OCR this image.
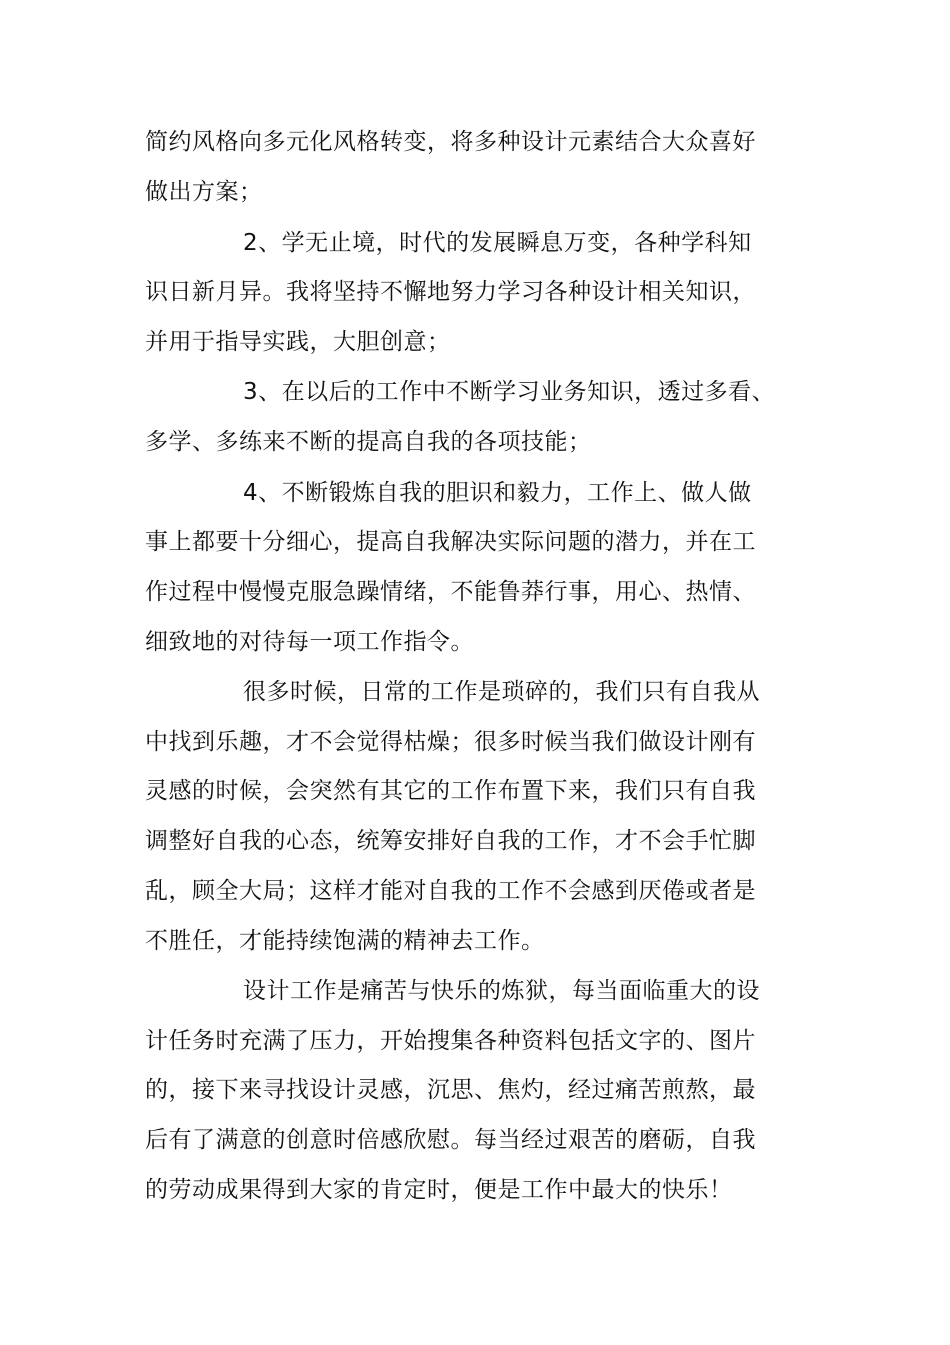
简约风格向多元化风格转变，将多种设计元素结合大众喜好
做出方案；
2、学无止境，时代的发展瞬息万变，各种学科知
识日新月异。我将坚持不懈地努力学习各种设计相关知识，
并用于指导实践，大胆创意；
3、在以后的工作中不断学习业务知识，透过多看、
多学、多练来不断的提高自我的各项技能；
4、不断锻炼自我的胆识和毅力，工作上、做人做
事上都要十分细心，提高自我解决实际问题的潜力，并在工
作过程中慢慢克服急躁情绪，不能鲁莽行事，用心、热情、
细致地的对待每一项工作指令。
很多时候，日常的工作是琐碎的，我们只有自我从
中找到乐趣，才不会觉得枯燥；很多时候当我们做设计刚有
灵感的时候，会突然有其它的工作布置下来，我们只有自我
调整好自我的心态，统筹安排好自我的工作，才不会手忙脚
乱，顾全大局；这样才能对自我的工作不会感到厌倦或者是
不胜任，才能持续饱满的精神去工作。
设计工作是痛苦与快乐的炼狱，每当面临重大的设
计任务时充满了压力，开始搜集各种资料包括文字的、图片
的，接下来寻找设计灵感，沉思、焦灼，经过痛苦煎熬，最
后有了满意的创意时倍感欣慰。每当经过艰苦的磨砺，自我
的劳动成果得到大家的肯定时，便是工作中最大的快乐！
